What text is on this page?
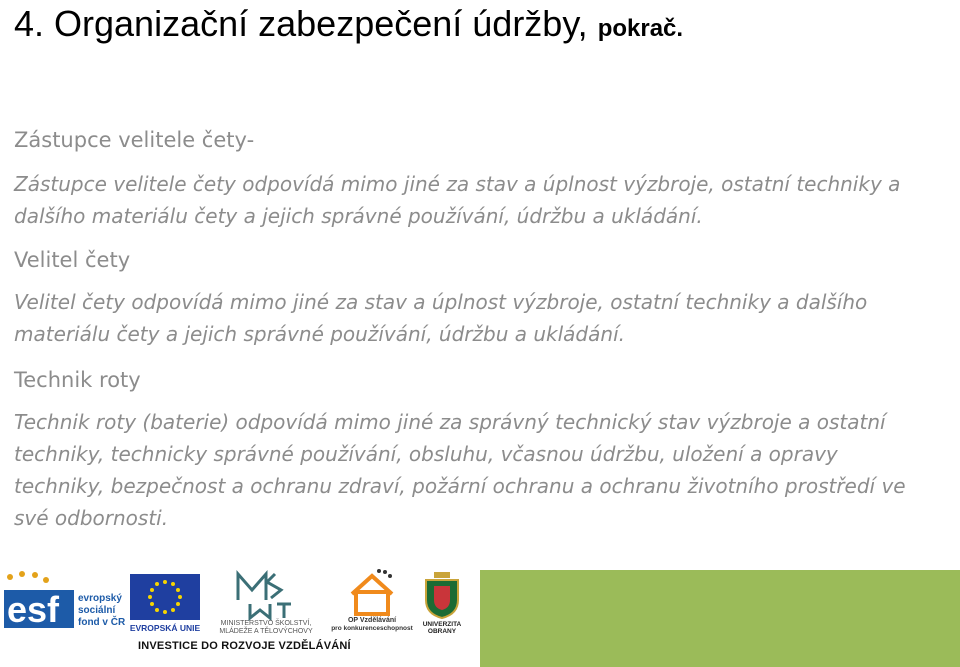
4. Organizační zabezpečení údržby, pokrač.
Zástupce velitele čety-
Zástupce velitele čety odpovídá mimo jiné za stav a úplnost výzbroje, ostatní techniky a dalšího materiálu čety a jejich správné používání, údržbu a ukládání.
Velitel čety
Velitel čety odpovídá mimo jiné za stav a úplnost výzbroje, ostatní techniky a dalšího materiálu čety a jejich správné používání, údržbu a ukládání.
Technik roty
Technik roty (baterie) odpovídá mimo jiné za správný technický stav výzbroje a ostatní techniky, technicky správné používání, obsluhu, včasnou údržbu, uložení a opravy techniky, bezpečnost a ochranu zdraví, požární ochranu a ochranu životního prostředí ve své odbornosti.
esf evropský
sociální
fond v ČR EVROPSKÁ UNIE	MINISTERSTVO ŠKOLSTVÍ,
MLÁDEŽE A TĚLOVÝCHOVY
OP Vzdělávání
pro konkurenceschopnost
UNIVERZITA
OBRANY
INVESTICE DO ROZVOJE VZDĚLÁVÁNÍ
